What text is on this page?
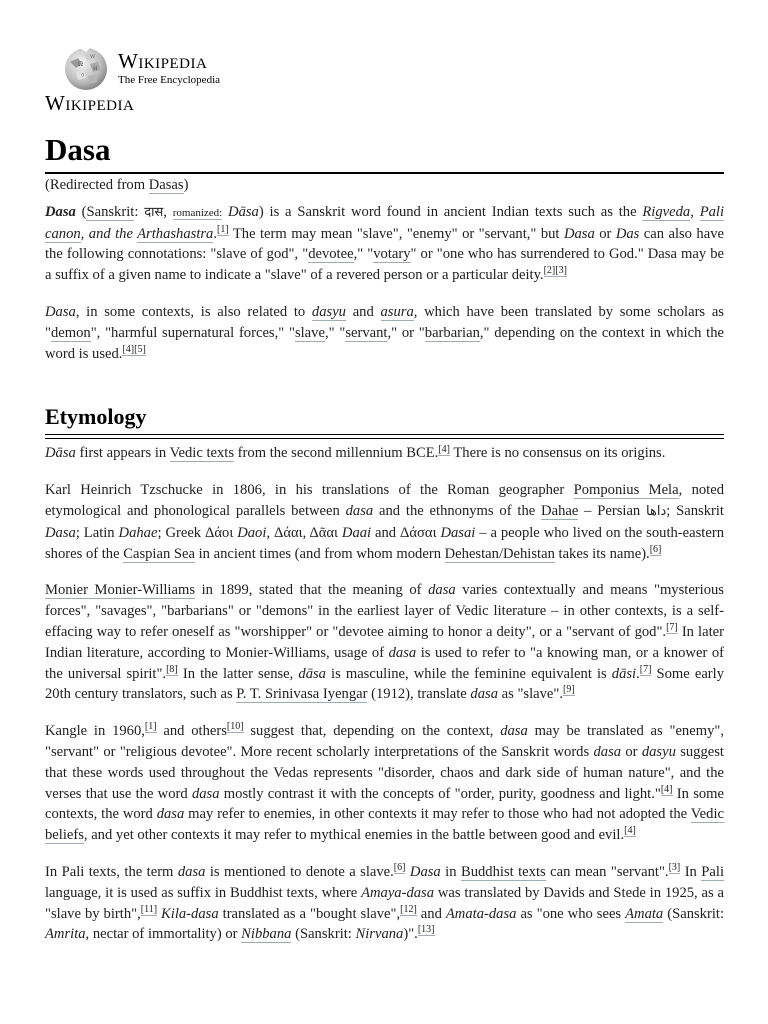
Ω
W
И
ウ
Wikipedia
The Free Encyclopedia
Wikipedia
Dasa

(Redirected from Dasas)

Dasa (Sanskrit: दास, romanized: Dāsa) is a Sanskrit word found in ancient Indian texts such as the Rigveda, Pali canon, and the Arthashastra.[1] The term may mean "slave", "enemy" or "servant," but Dasa or Das can also have the following connotations: "slave of god", "devotee," "votary" or "one who has surrendered to God." Dasa may be a suffix of a given name to indicate a "slave" of a revered person or a particular deity.[2][3]

Dasa, in some contexts, is also related to dasyu and asura, which have been translated by some scholars as "demon", "harmful supernatural forces," "slave," "servant," or "barbarian," depending on the context in which the word is used.[4][5]

Etymology

Dāsa first appears in Vedic texts from the second millennium BCE.[4] There is no consensus on its origins.

Karl Heinrich Tzschucke in 1806, in his translations of the Roman geographer Pomponius Mela, noted etymological and phonological parallels between dasa and the ethnonyms of the Dahae – Persian داها; Sanskrit Dasa; Latin Dahae; Greek Δάοι Daoi, Δάαι, Δᾶαι Daai and Δάσαι Dasai – a people who lived on the south-eastern shores of the Caspian Sea in ancient times (and from whom modern Dehestan/Dehistan takes its name).[6]

Monier Monier-Williams in 1899, stated that the meaning of dasa varies contextually and means "mysterious forces", "savages", "barbarians" or "demons" in the earliest layer of Vedic literature – in other contexts, is a self-effacing way to refer oneself as "worshipper" or "devotee aiming to honor a deity", or a "servant of god".[7] In later Indian literature, according to Monier-Williams, usage of dasa is used to refer to "a knowing man, or a knower of the universal spirit".[8] In the latter sense, dāsa is masculine, while the feminine equivalent is dāsi.[7] Some early 20th century translators, such as P. T. Srinivasa Iyengar (1912), translate dasa as "slave".[9]

Kangle in 1960,[1] and others[10] suggest that, depending on the context, dasa may be translated as "enemy", "servant" or "religious devotee". More recent scholarly interpretations of the Sanskrit words dasa or dasyu suggest that these words used throughout the Vedas represents "disorder, chaos and dark side of human nature", and the verses that use the word dasa mostly contrast it with the concepts of "order, purity, goodness and light."[4] In some contexts, the word dasa may refer to enemies, in other contexts it may refer to those who had not adopted the Vedic beliefs, and yet other contexts it may refer to mythical enemies in the battle between good and evil.[4]

In Pali texts, the term dasa is mentioned to denote a slave.[6] Dasa in Buddhist texts can mean "servant".[3] In Pali language, it is used as suffix in Buddhist texts, where Amaya-dasa was translated by Davids and Stede in 1925, as a "slave by birth",[11] Kila-dasa translated as a "bought slave",[12] and Amata-dasa as "one who sees Amata (Sanskrit: Amrita, nectar of immortality) or Nibbana (Sanskrit: Nirvana)".[13]
